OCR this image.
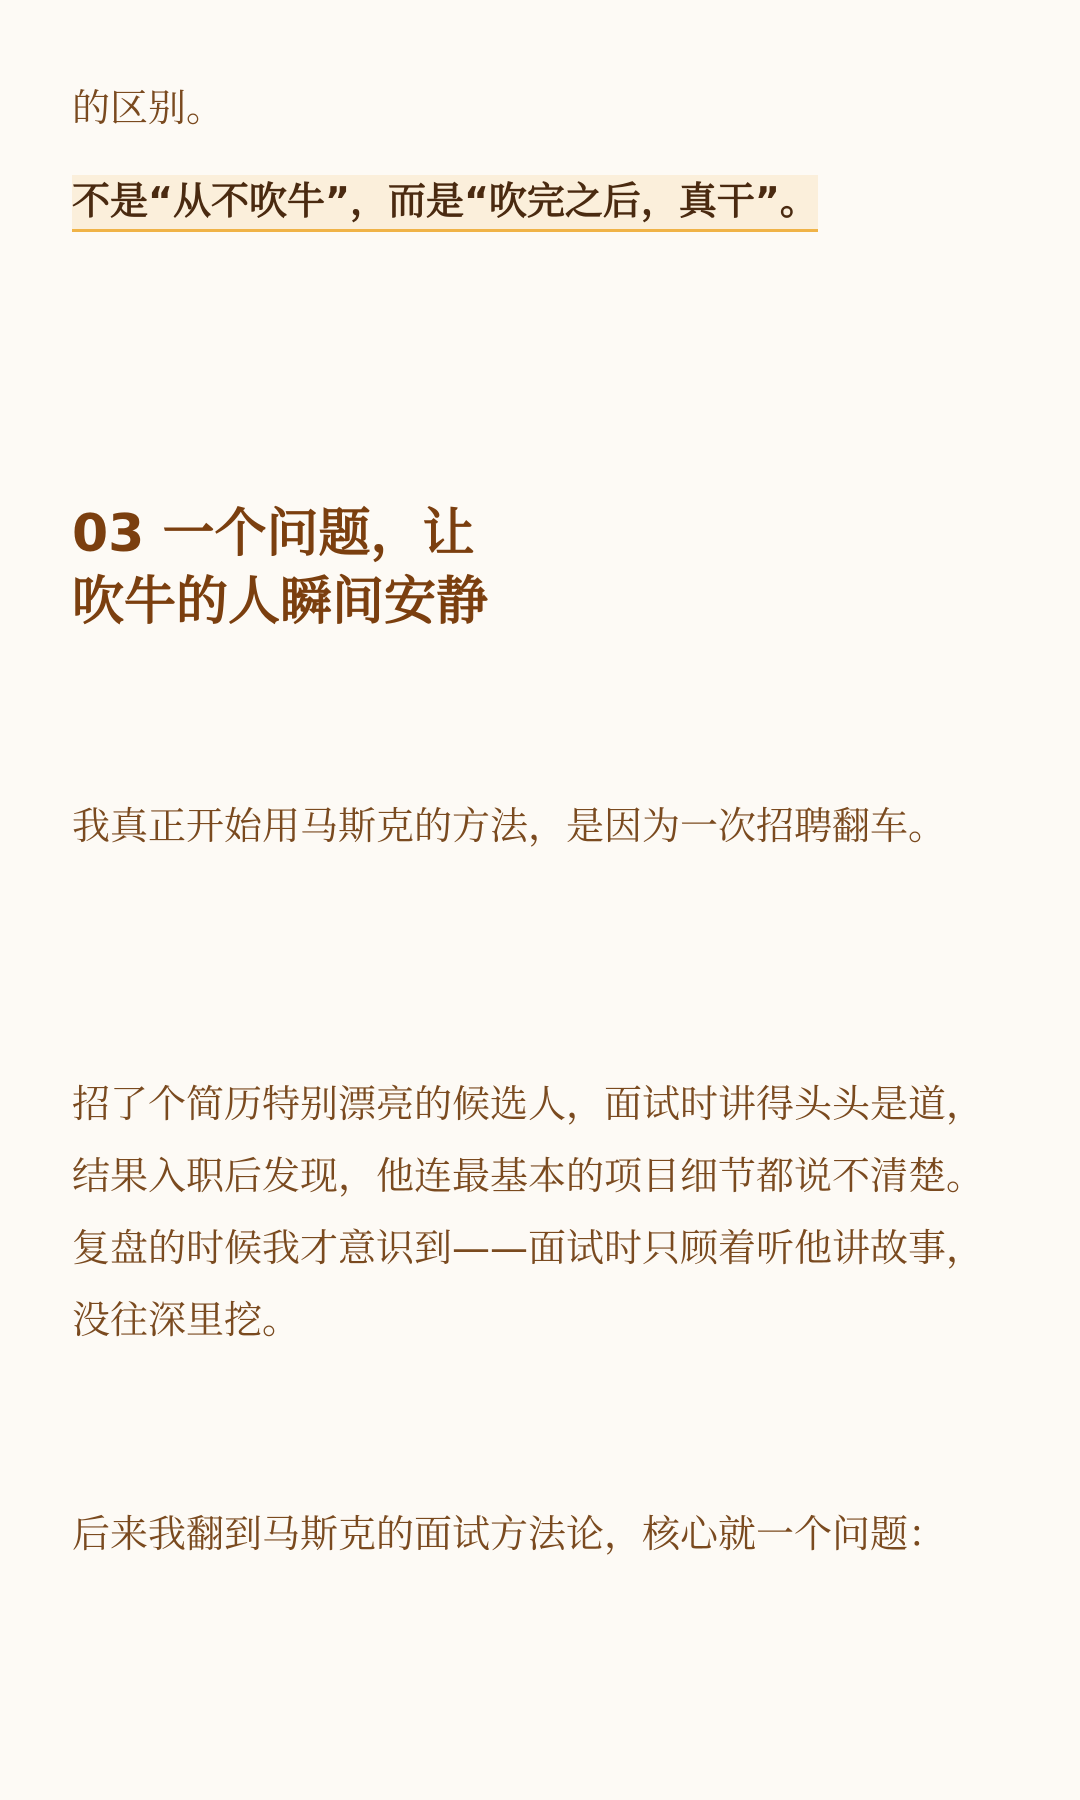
的区别。

不是“从不吹牛”，而是“吹完之后，真干”。
03 一个问题，让
吹牛的人瞬间安静

我真正开始用马斯克的方法，是因为一次招聘翻车。

招了个简历特别漂亮的候选人，面试时讲得头头是道，结果入职后发现，他连最基本的项目细节都说不清楚。复盘的时候我才意识到——面试时只顾着听他讲故事，没往深里挖。

后来我翻到马斯克的面试方法论，核心就一个问题：
